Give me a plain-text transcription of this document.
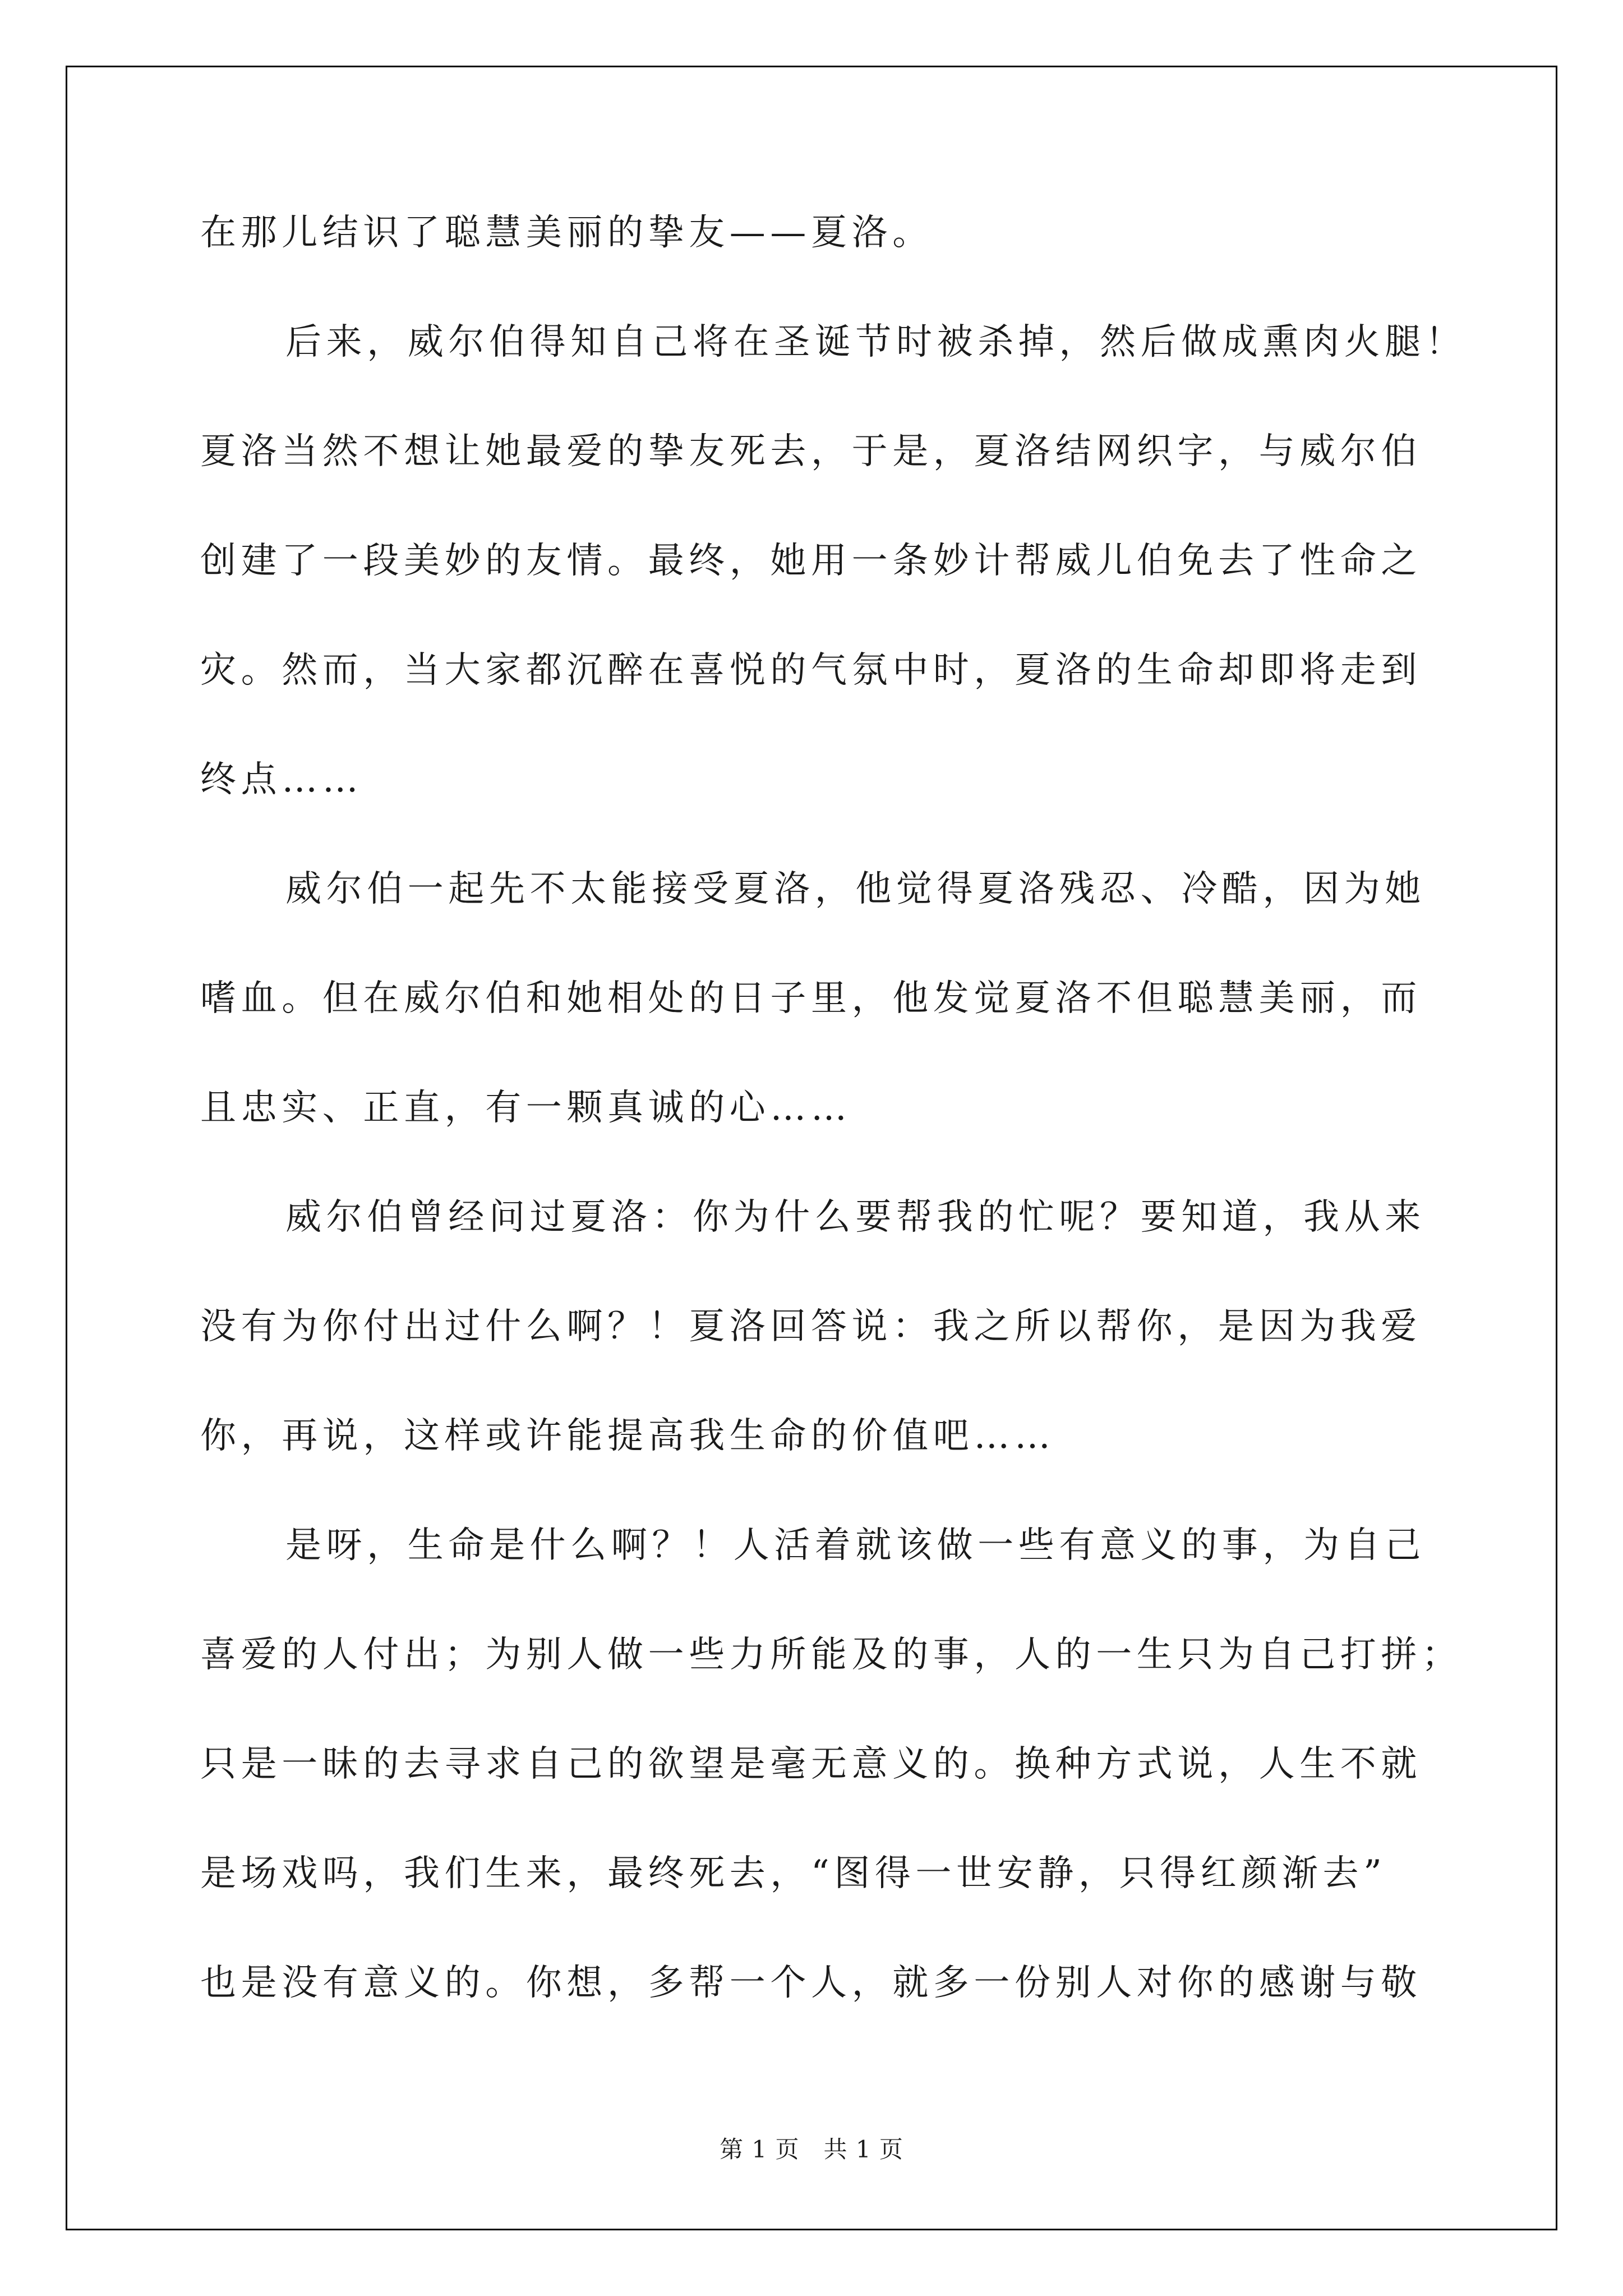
在那儿结识了聪慧美丽的挚友——夏洛。
后来，威尔伯得知自己将在圣诞节时被杀掉，然后做成熏肉火腿！
夏洛当然不想让她最爱的挚友死去，于是，夏洛结网织字，与威尔伯
创建了一段美妙的友情。最终，她用一条妙计帮威儿伯免去了性命之
灾。然而，当大家都沉醉在喜悦的气氛中时，夏洛的生命却即将走到
终点……
威尔伯一起先不太能接受夏洛，他觉得夏洛残忍、冷酷，因为她
嗜血。但在威尔伯和她相处的日子里，他发觉夏洛不但聪慧美丽，而
且忠实、正直，有一颗真诚的心……
威尔伯曾经问过夏洛：你为什么要帮我的忙呢？要知道，我从来
没有为你付出过什么啊？！夏洛回答说：我之所以帮你，是因为我爱
你，再说，这样或许能提高我生命的价值吧……
是呀，生命是什么啊？！人活着就该做一些有意义的事，为自己
喜爱的人付出；为别人做一些力所能及的事，人的一生只为自己打拼；
只是一昧的去寻求自己的欲望是毫无意义的。换种方式说，人生不就
是场戏吗，我们生来，最终死去，“图得一世安静，只得红颜渐去”
也是没有意义的。你想，多帮一个人，就多一份别人对你的感谢与敬
第 1 页　共 1 页
